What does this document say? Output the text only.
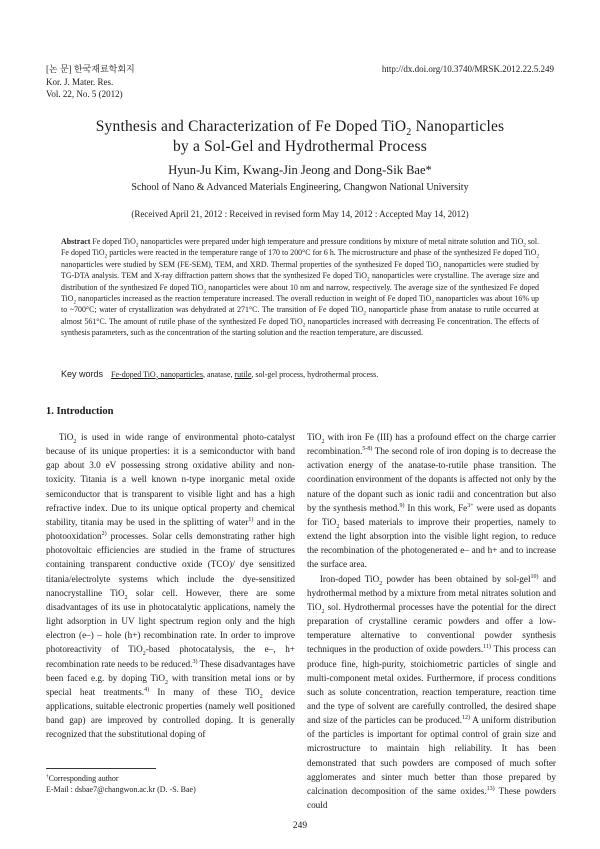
[논 문] 한국재료학회지
Kor. J. Mater. Res.
Vol. 22, No. 5 (2012)
http://dx.doi.org/10.3740/MRSK.2012.22.5.249
Synthesis and Characterization of Fe Doped TiO$_2$ Nanoparticles
by a Sol-Gel and Hydrothermal Process
Hyun-Ju Kim, Kwang-Jin Jeong and Dong-Sik Bae*
School of Nano & Advanced Materials Engineering, Changwon National University
(Received April 21, 2012 : Received in revised form May 14, 2012 : Accepted May 14, 2012)
Abstract Fe doped TiO$_2$ nanoparticles were prepared under high temperature and pressure conditions by mixture of metal nitrate solution and TiO$_2$ sol. Fe doped TiO$_2$ particles were reacted in the temperature range of 170 to 200°C for 6 h. The microstructure and phase of the synthesized Fe doped TiO$_2$ nanoparticles were studied by SEM (FE-SEM), TEM, and XRD. Thermal properties of the synthesized Fe doped TiO$_2$ nanoparticles were studied by TG-DTA analysis. TEM and X-ray diffraction pattern shows that the synthesized Fe doped TiO$_2$ nanoparticles were crystalline. The average size and distribution of the synthesized Fe doped TiO$_2$ nanoparticles were about 10 nm and narrow, respectively. The average size of the synthesized Fe doped TiO$_2$ nanoparticles increased as the reaction temperature increased. The overall reduction in weight of Fe doped TiO$_2$ nanoparticles was about 16% up to ~700°C; water of crystallization was dehydrated at 271°C. The transition of Fe doped TiO$_2$ nanoparticle phase from anatase to rutile occurred at almost 561°C. The amount of rutile phase of the synthesized Fe doped TiO$_2$ nanoparticles increased with decreasing Fe concentration. The effects of synthesis parameters, such as the concentration of the starting solution and the reaction temperature, are discussed.
Key words Fe-doped TiO$_2$ nanoparticles, anatase, rutile, sol-gel process, hydrothermal process.
1. Introduction

TiO$_2$ is used in wide range of environmental photo-catalyst because of its unique properties: it is a semiconductor with band gap about 3.0 eV possessing strong oxidative ability and non-toxicity. Titania is a well known n-type inorganic metal oxide semiconductor that is transparent to visible light and has a high refractive index. Due to its unique optical property and chemical stability, titania may be used in the splitting of water$^{1)}$ and in the photooxidation$^{2)}$ processes. Solar cells demonstrating rather high photovoltaic efficiencies are studied in the frame of structures containing transparent conductive oxide (TCO)/ dye sensitized titania/electrolyte systems which include the dye-sensitized nanocrystalline TiO$_2$ solar cell. However, there are some disadvantages of its use in photocatalytic applications, namely the light adsorption in UV light spectrum region only and the high electron (e–) – hole (h+) recombination rate. In order to improve photoreactivity of TiO$_2$-based photocatalysis, the e–, h+ recombination rate needs to be reduced.$^{3)}$ These disadvantages have been faced e.g. by doping TiO$_2$ with transition metal ions or by special heat treatments.$^{4)}$ In many of these TiO$_2$ device applications, suitable electronic properties (namely well positioned band gap) are improved by controlled doping. It is generally recognized that the substitutional doping of

TiO$_2$ with iron Fe (III) has a profound effect on the charge carrier recombination.$^{5-8)}$ The second role of iron doping is to decrease the activation energy of the anatase-to-rutile phase transition. The coordination environment of the dopants is affected not only by the nature of the dopant such as ionic radii and concentration but also by the synthesis method.$^{9)}$ In this work, $Fe^{3+}$ were used as dopants for TiO$_2$ based materials to improve their properties, namely to extend the light absorption into the visible light region, to reduce the recombination of the photogenerated e– and h+ and to increase the surface area.

Iron-doped TiO$_2$ powder has been obtained by sol-gel$^{10)}$ and hydrothermal method by a mixture from metal nitrates solution and TiO$_2$ sol. Hydrothermal processes have the potential for the direct preparation of crystalline ceramic powders and offer a low-temperature alternative to conventional powder synthesis techniques in the production of oxide powders.$^{11)}$ This process can produce fine, high-purity, stoichiometric particles of single and multi-component metal oxides. Furthermore, if process conditions such as solute concentration, reaction temperature, reaction time and the type of solvent are carefully controlled, the desired shape and size of the particles can be produced.$^{12)}$ A uniform distribution of the particles is important for optimal control of grain size and microstructure to maintain high reliability. It has been demonstrated that such powders are composed of much softer agglomerates and sinter much better than those prepared by calcination decomposition of the same oxides.$^{13)}$ These powders could

†Corresponding author
E-Mail : dsbae7@changwon.ac.kr (D. -S. Bae)
249
